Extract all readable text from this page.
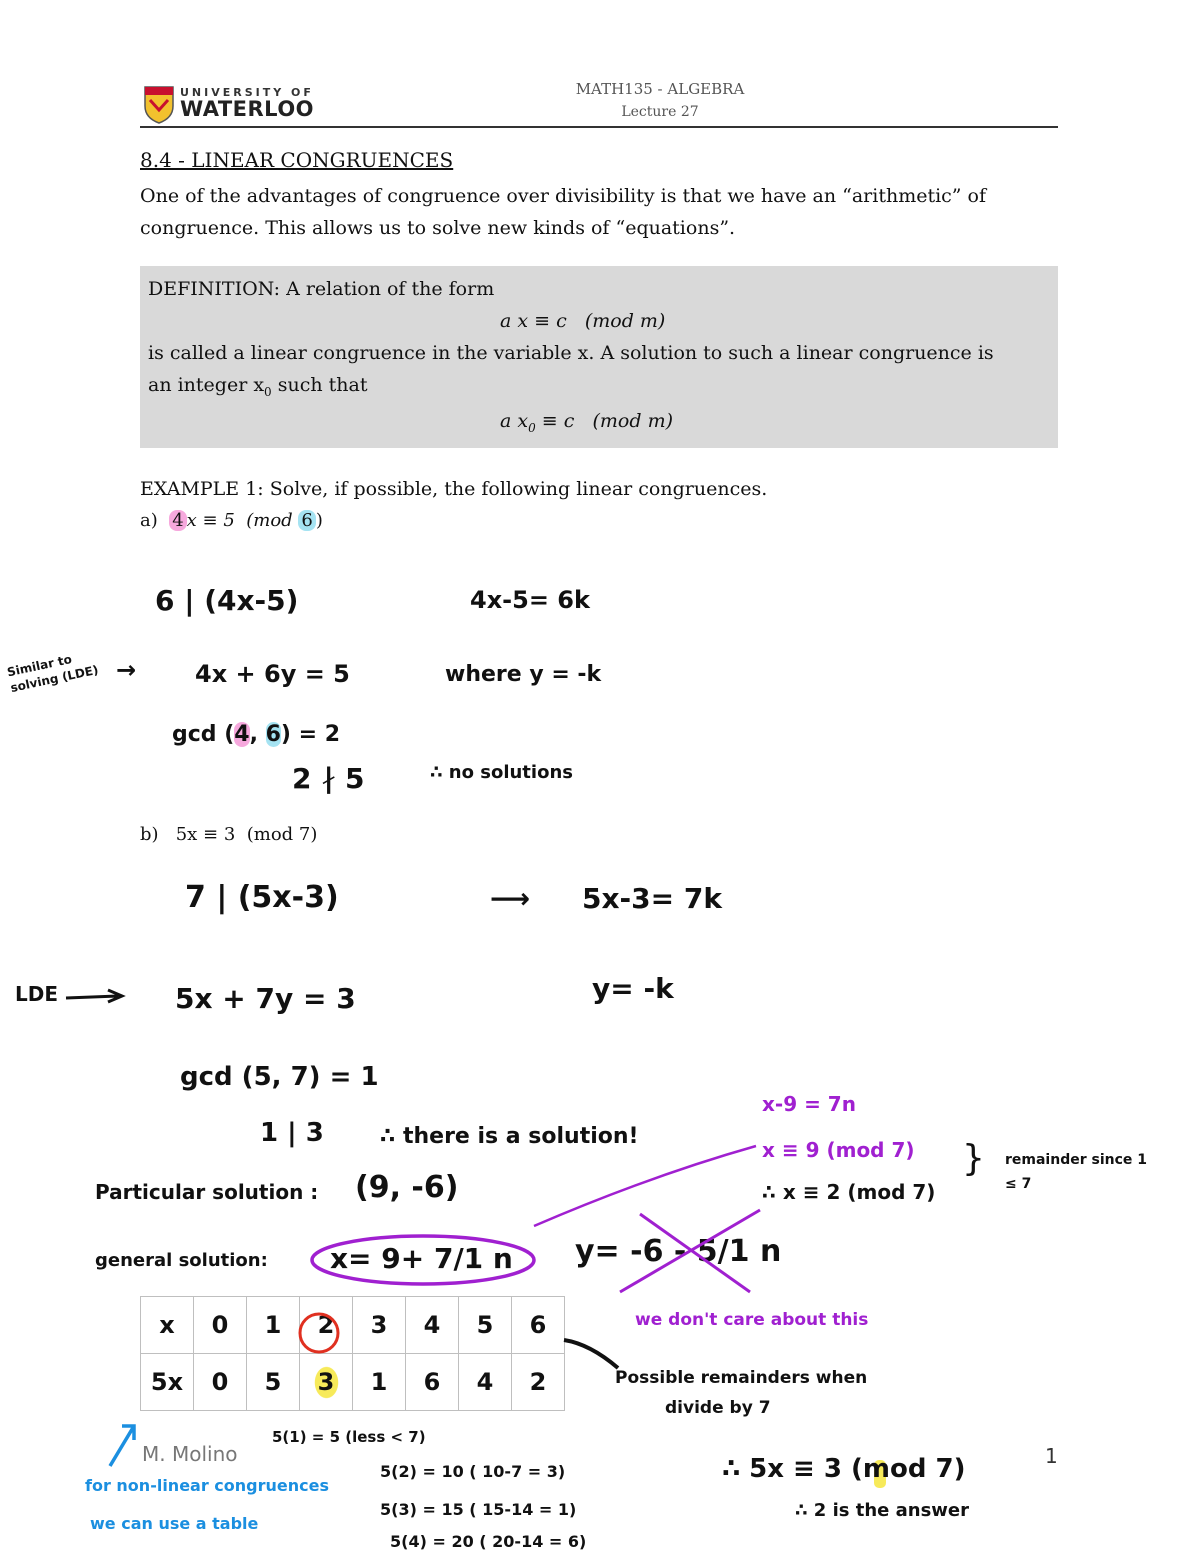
UNIVERSITY OF
WATERLOO
MATH135 - ALGEBRA
Lecture 27
8.4 - LINEAR CONGRUENCES
One of the advantages of congruence over divisibility is that we have an “arithmetic” of
congruence. This allows us to solve new kinds of “equations”.
DEFINITION: A relation of the form
a x ≡ c   (mod m)
is called a linear congruence in the variable x. A solution to such a linear congruence is
an integer $x_0$ such that
a $x_0 \equiv c$   (mod m)
EXAMPLE 1: Solve, if possible, the following linear congruences.
a) 4 x ≡ 5  (mod 6 )
6 | (4x-5)	4x-5= 6k
Similar to solving (LDE) → 4x + 6y = 5	where y = -k
gcd (4, 6) = 2
2 ∤ 5	∴ no solutions
b)   5x ≡ 3  (mod 7)
7 | (5x-3)	⟶ 5x-3= 7k
LDE	5x + 7y = 3	y= -k
gcd (5, 7) = 1
1 | 3	∴ there is a solution!
Particular solution : (9, -6)
general solution: x= 9+ 7/1 n y= -6 - 5/1 n
we don't care about this
x-9 = 7n
x ≡ 9 (mod 7)
∴ x ≡ 2 (mod 7)
} remainder since 1 ≤ 7
x	0	1	2	3	4	5	6
5x	0	5	3	1	6	4	2	Possible remainders when
divide by 7
for non-linear congruences
we can use a table
5(1) = 5 (less < 7)
5(2) = 10 ( 10-7 = 3)
5(3) = 15 ( 15-14 = 1)
5(4) = 20 ( 20-14 = 6)
∴ 5x ≡ 3 (mod 7)
∴ 2 is the answer
M. Molino	1
